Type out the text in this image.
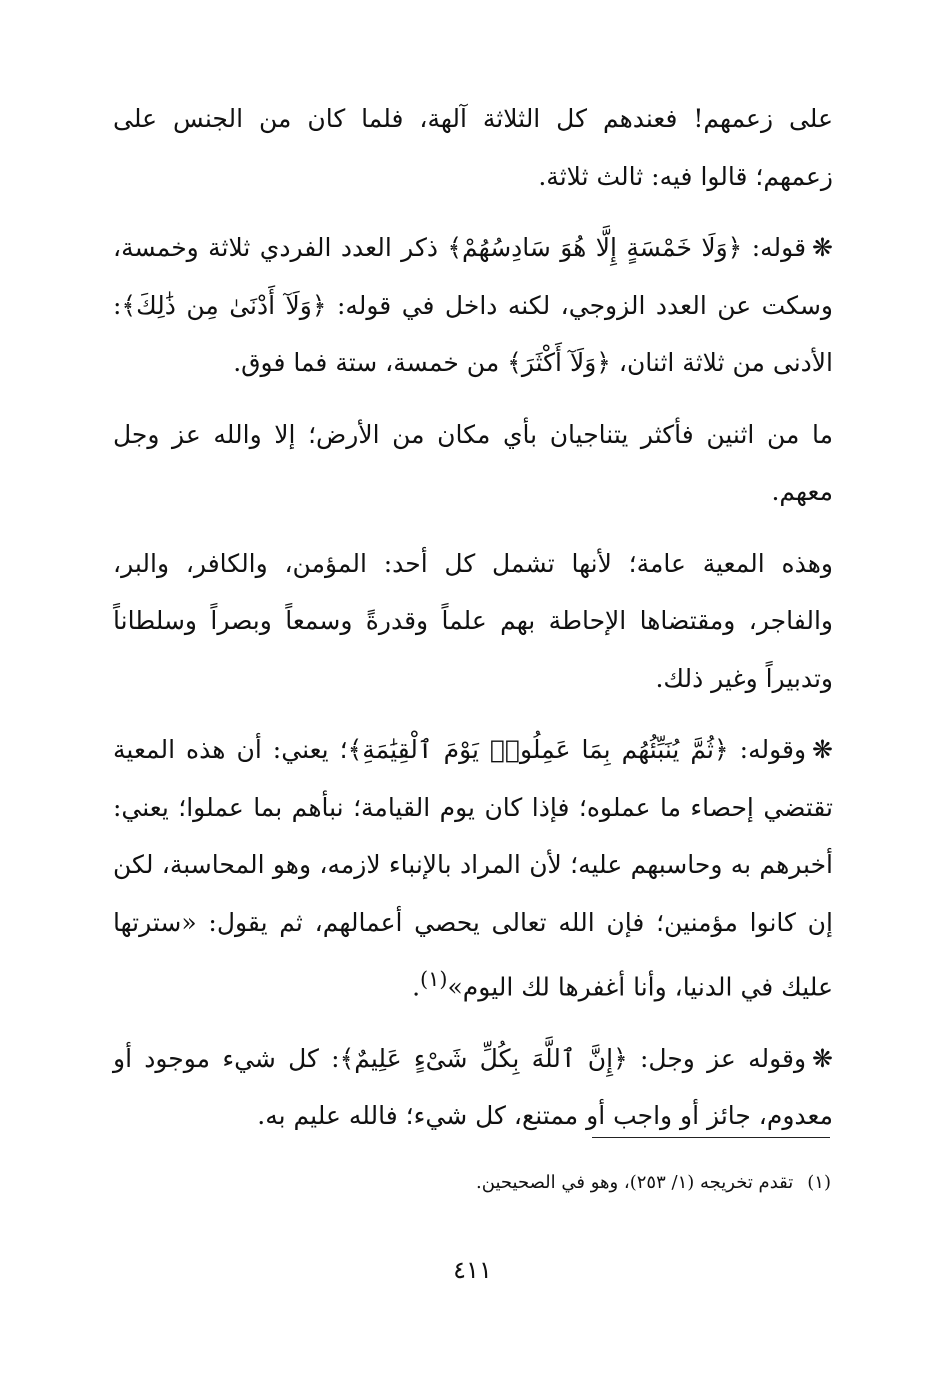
على زعمهم! فعندهم كل الثلاثة آلهة، فلما كان من الجنس على زعمهم؛ قالوا فيه: ثالث ثلاثة.

❋قوله: ﴿وَلَا خَمْسَةٍ إِلَّا هُوَ سَادِسُهُمْ﴾ ذكر العدد الفردي ثلاثة وخمسة، وسكت عن العدد الزوجي، لكنه داخل في قوله: ﴿وَلَآ أَدْنَىٰ مِن ذَٰلِكَ﴾: الأدنى من ثلاثة اثنان، ﴿وَلَآ أَكْثَرَ﴾ من خمسة، ستة فما فوق.

ما من اثنين فأكثر يتناجيان بأي مكان من الأرض؛ إلا والله عز وجل معهم.

وهذه المعية عامة؛ لأنها تشمل كل أحد: المؤمن، والكافر، والبر، والفاجر، ومقتضاها الإحاطة بهم علماً وقدرةً وسمعاً وبصراً وسلطاناً وتدبيراً وغير ذلك.

❋وقوله: ﴿ثُمَّ يُنَبِّئُهُم بِمَا عَمِلُوا۟ يَوْمَ ٱلْقِيَٰمَةِ﴾؛ يعني: أن هذه المعية تقتضي إحصاء ما عملوه؛ فإذا كان يوم القيامة؛ نبأهم بما عملوا؛ يعني: أخبرهم به وحاسبهم عليه؛ لأن المراد بالإنباء لازمه، وهو المحاسبة، لكن إن كانوا مؤمنين؛ فإن الله تعالى يحصي أعمالهم، ثم يقول: «سترتها عليك في الدنيا، وأنا أغفرها لك اليوم»$^{(١)}$.

❋وقوله عز وجل: ﴿إِنَّ ٱللَّهَ بِكُلِّ شَىْءٍ عَلِيمٌ﴾: كل شيء موجود أو معدوم، جائز أو واجب أو ممتنع، كل شيء؛ فالله عليم به.

(١)تقدم تخريجه (١/ ٢٥٣)، وهو في الصحيحين.
٤١١
